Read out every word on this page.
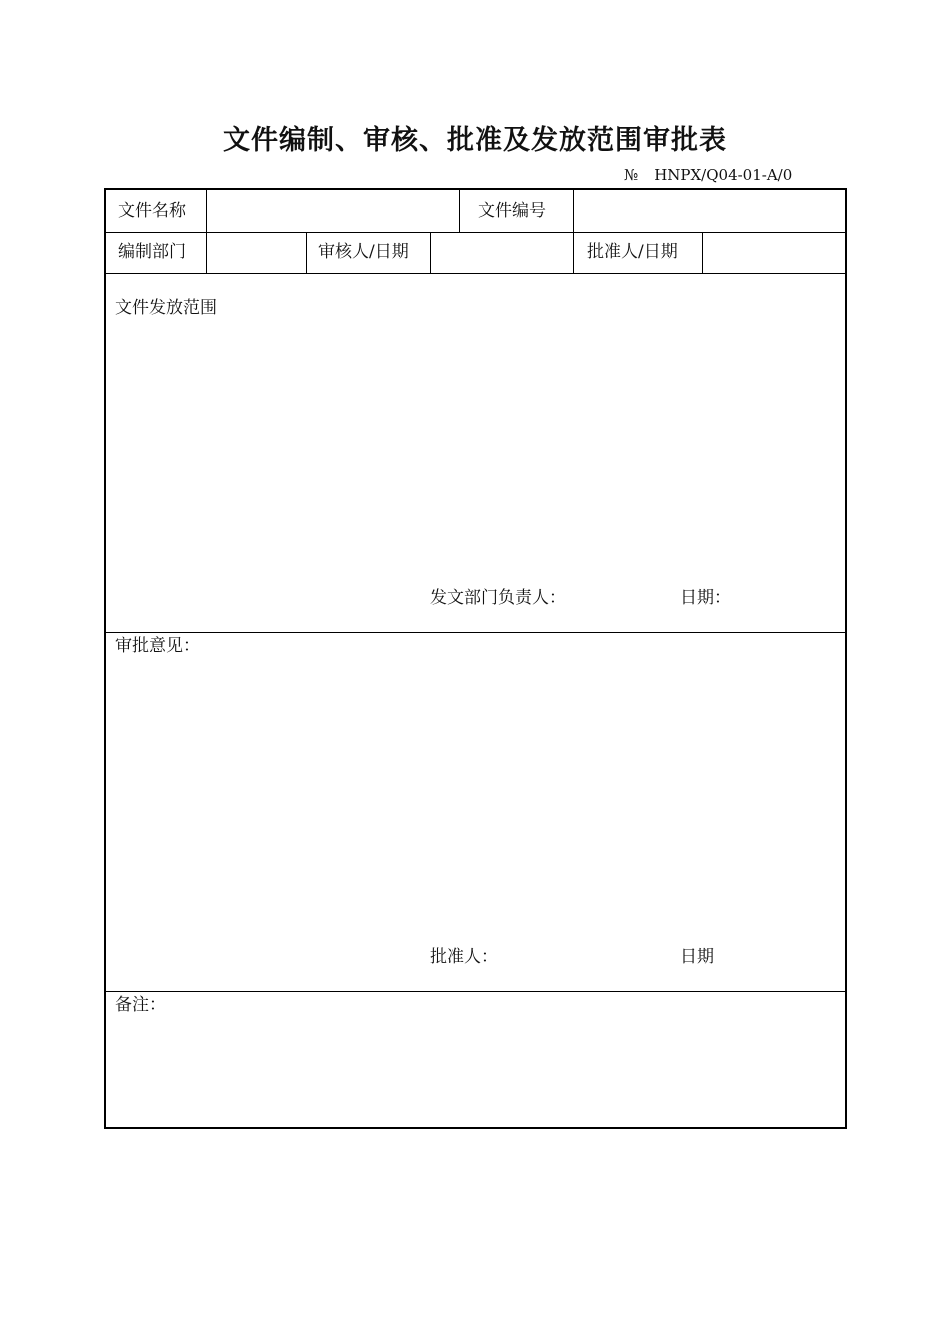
文件编制、审核、批准及发放范围审批表
№ HNPX/Q04-01-A/0
文件名称	文件编号
编制部门	审核人/日期	批准人/日期
文件发放范围
发文部门负责人：	日期：
审批意见：
批准人：	日期
备注：
